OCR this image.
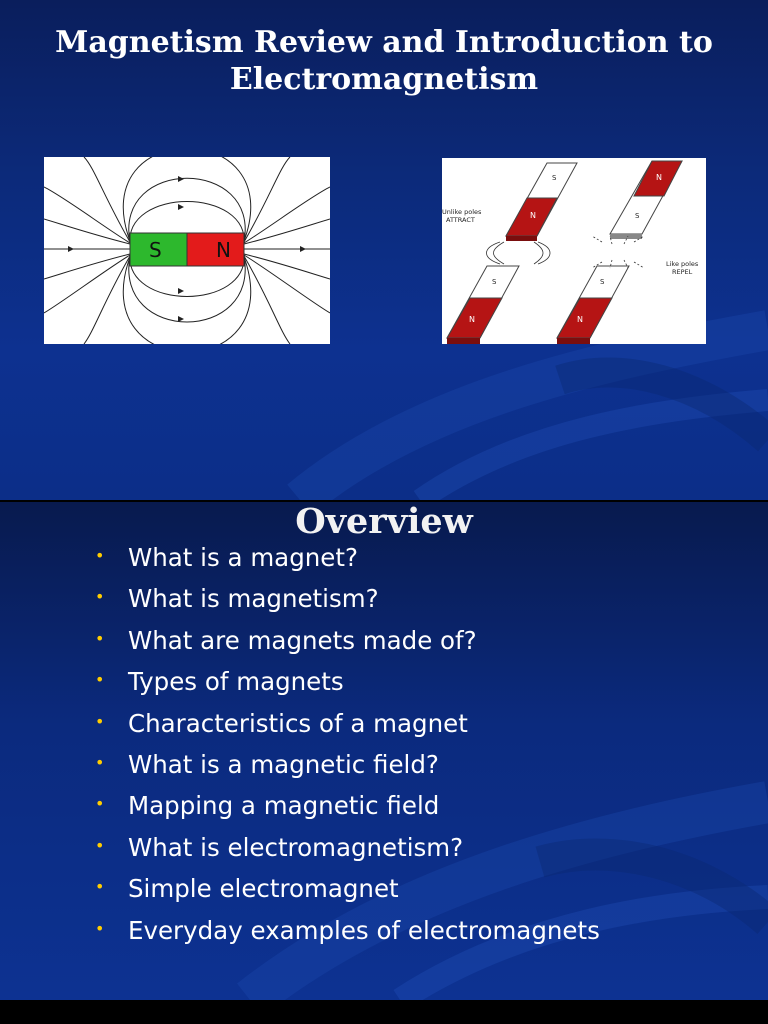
Magnetism Review and Introduction to
Electromagnetism
S	N
S
N
S
N
N
S
S
N
Unlike poles
ATTRACT
Like poles
REPEL
Overview
• What is a magnet?
• What is magnetism?
• What are magnets made of?
• Types of magnets
• Characteristics of a magnet
• What is a magnetic field?
• Mapping a magnetic field
• What is electromagnetism?
• Simple electromagnet
• Everyday examples of electromagnets
